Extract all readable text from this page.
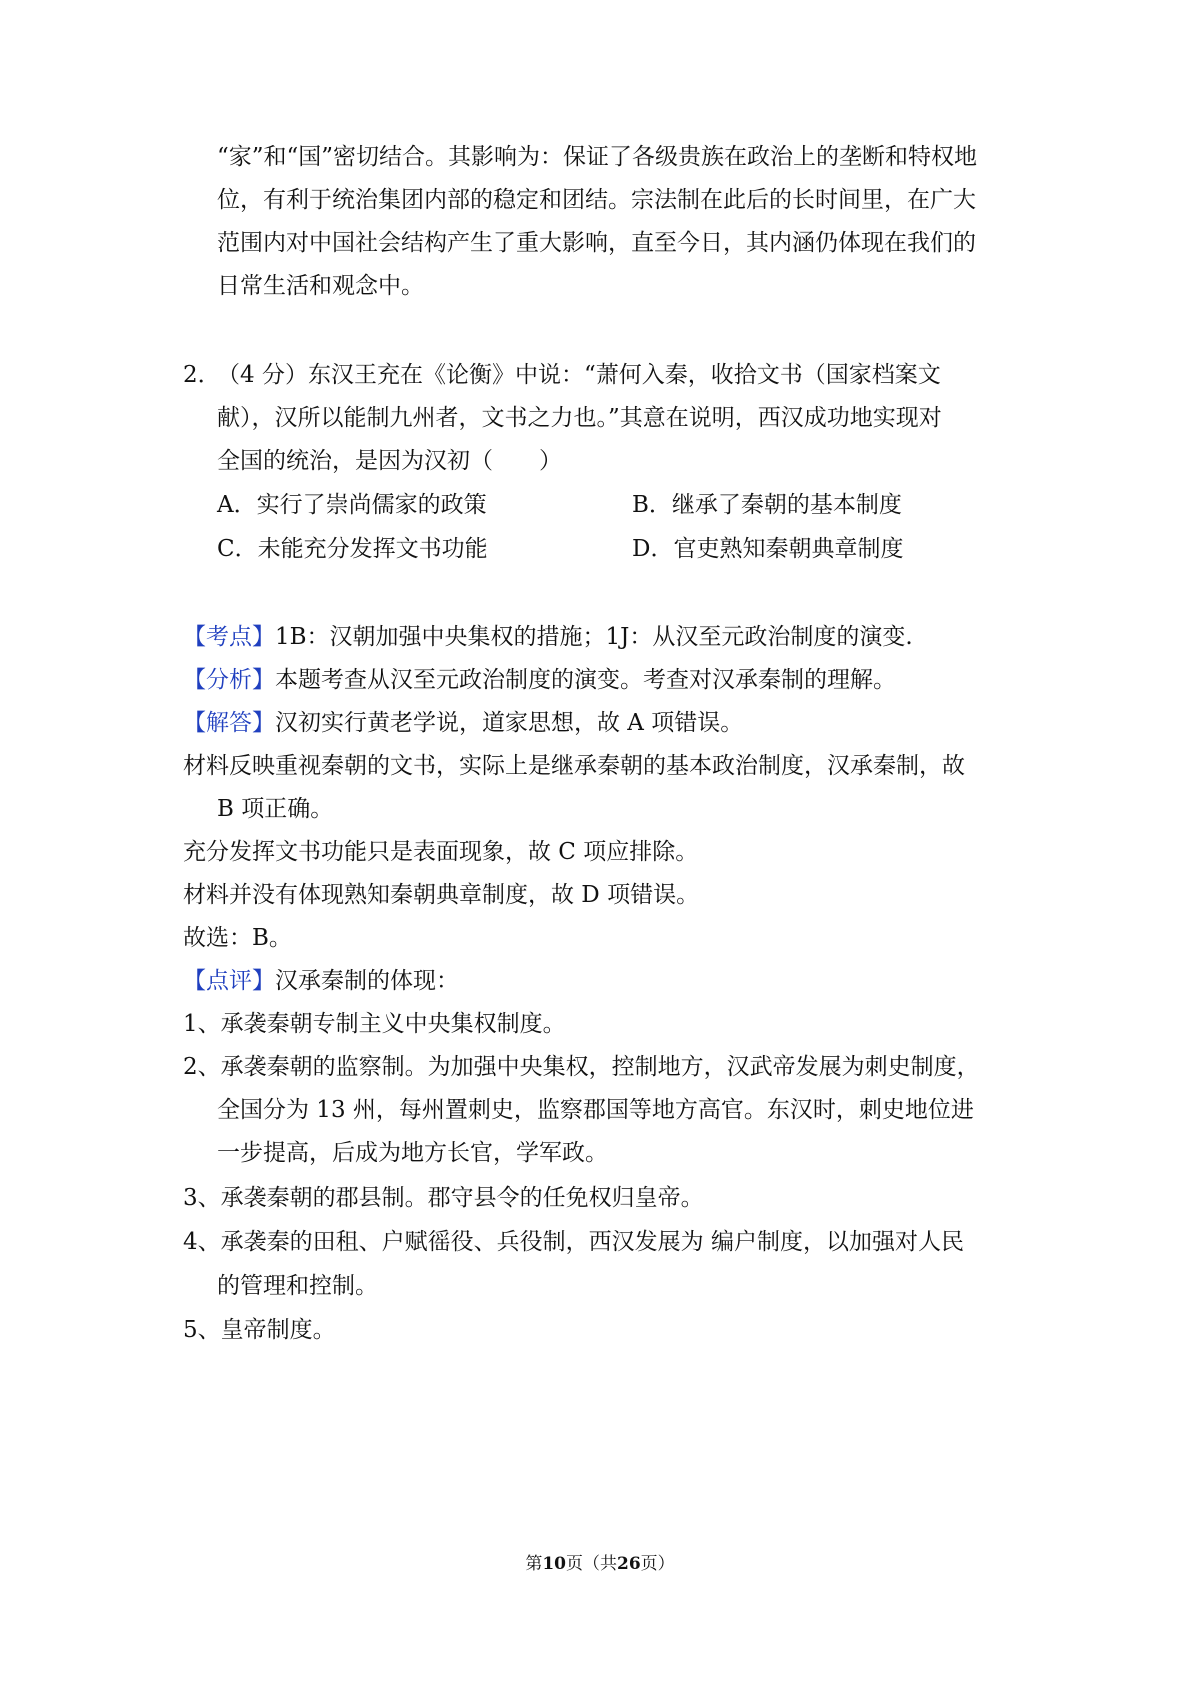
“家”和“国”密切结合。其影响为：保证了各级贵族在政治上的垄断和特权地
位，有利于统治集团内部的稳定和团结。宗法制在此后的长时间里，在广大
范围内对中国社会结构产生了重大影响，直至今日，其内涵仍体现在我们的
日常生活和观念中。
2．
（4 分）东汉王充在《论衡》中说：“萧何入秦，收拾文书（国家档案文
献），汉所以能制九州者，文书之力也。”其意在说明，西汉成功地实现对
全国的统治，是因为汉初（　　）
A．实行了崇尚儒家的政策	B．继承了秦朝的基本制度
C．未能充分发挥文书功能	D．官吏熟知秦朝典章制度
【考点】1B：汉朝加强中央集权的措施；1J：从汉至元政治制度的演变.
【分析】本题考查从汉至元政治制度的演变。考查对汉承秦制的理解。
【解答】汉初实行黄老学说，道家思想，故 A 项错误。
材料反映重视秦朝的文书，实际上是继承秦朝的基本政治制度，汉承秦制，故
B 项正确。
充分发挥文书功能只是表面现象，故 C 项应排除。
材料并没有体现熟知秦朝典章制度，故 D 项错误。
故选：B。
【点评】汉承秦制的体现：
1、承袭秦朝专制主义中央集权制度。
2、承袭秦朝的监察制。为加强中央集权，控制地方，汉武帝发展为刺史制度，
全国分为 13 州，每州置刺史，监察郡国等地方高官。东汉时，刺史地位进
一步提高，后成为地方长官，学军政。
3、承袭秦朝的郡县制。郡守县令的任免权归皇帝。
4、承袭秦的田租、户赋徭役、兵役制，西汉发展为 编户制度，以加强对人民
的管理和控制。
5、皇帝制度。
第10页（共26页）
